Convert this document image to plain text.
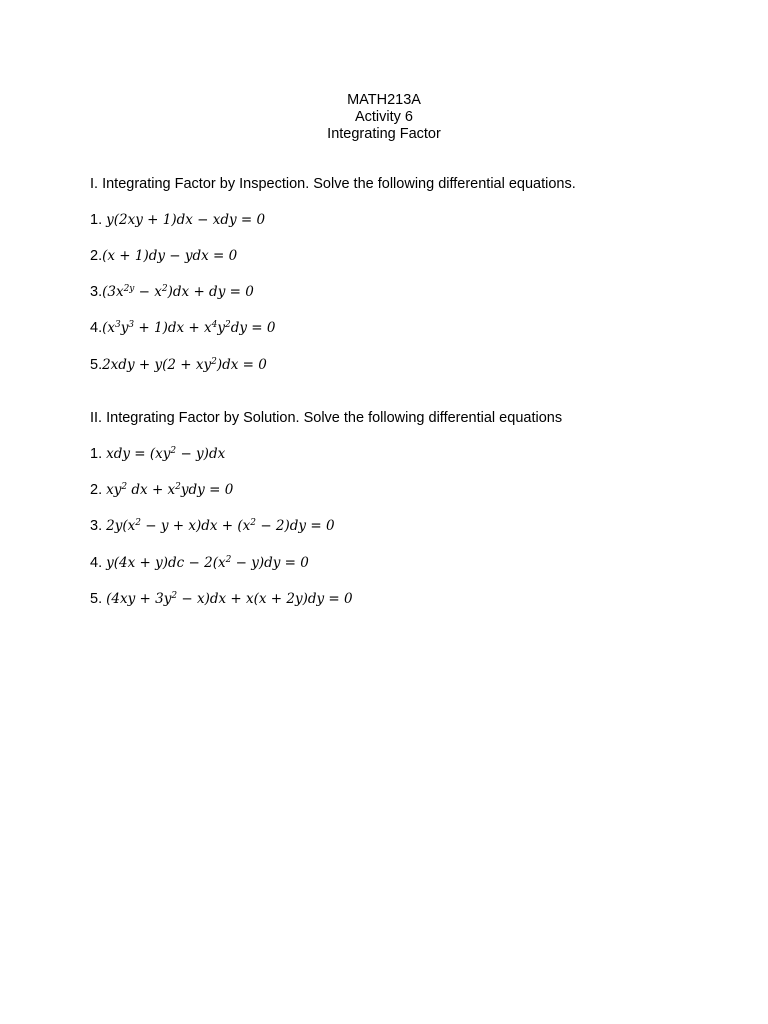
MATH213A
Activity 6
Integrating Factor
I. Integrating Factor by Inspection. Solve the following differential equations.
1. y(2xy + 1)dx − xdy = 0
2.(x + 1)dy − ydx = 0
$3.(3x^{2y} - x^2)dx$ + dy = 0
$4.(x^3y^3 + 1)dx + x^4y^2dy = 0$
$5.2xdy + y(2 + xy^2)dx = 0$
II. Integrating Factor by Solution. Solve the following differential equations
1. xdy = $(xy^2 - y)dx$
2. $xy^2$ dx + $x^2ydy = 0$
3. $2y(x^2 - y + x)dx + (x^2 - 2)dy = 0$
4. $y(4x + y)dc - 2(x^2 - y)dy = 0$
5. $(4xy + 3y^2 - x)dx + x(x + 2y)dy = 0$
